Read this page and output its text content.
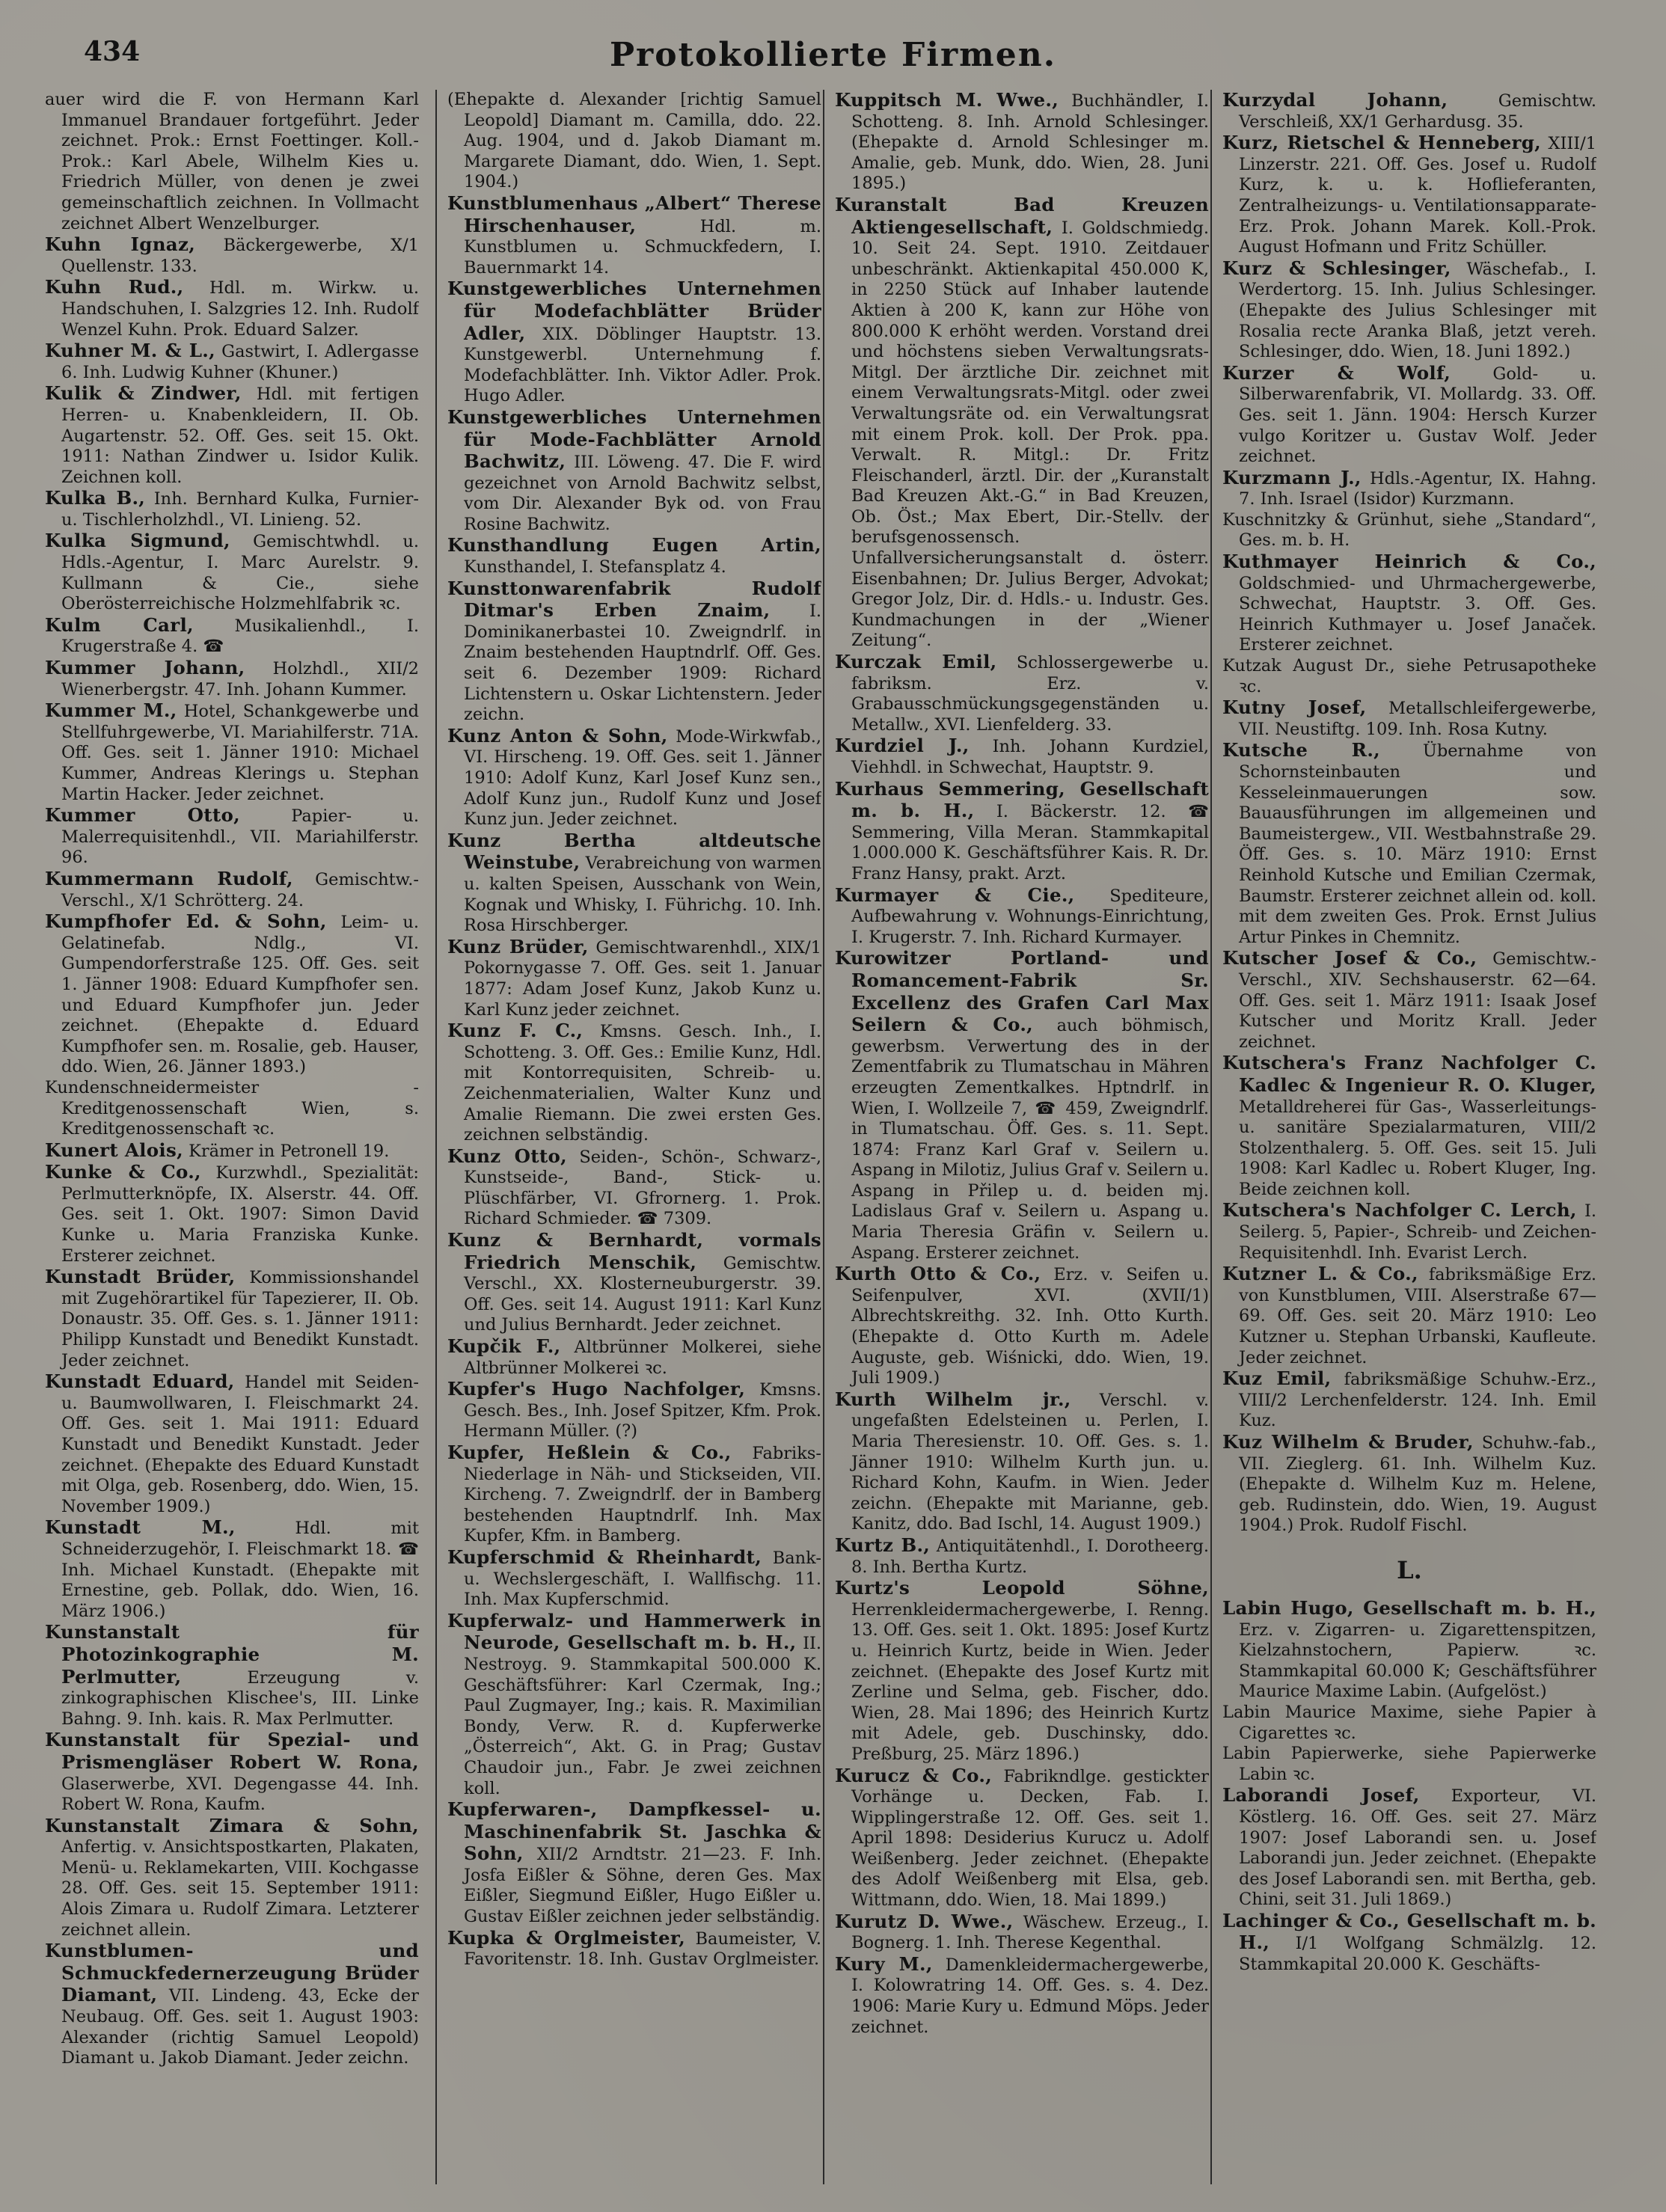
434	Protokollierte Firmen.

auer wird die F. von Hermann Karl Immanuel Brandauer fortgeführt. Jeder zeichnet. Prok.: Ernst Foettinger. Koll.-Prok.: Karl Abele, Wilhelm Kies u. Friedrich Müller, von denen je zwei gemeinschaftlich zeichnen. In Vollmacht zeichnet Albert Wenzelburger.

Kuhn Ignaz, Bäckergewerbe, X/1 Quellenstr. 133.

Kuhn Rud., Hdl. m. Wirkw. u. Handschuhen, I. Salzgries 12. Inh. Rudolf Wenzel Kuhn. Prok. Eduard Salzer.

Kuhner M. & L., Gastwirt, I. Adlergasse 6. Inh. Ludwig Kuhner (Khuner.)

Kulik & Zindwer, Hdl. mit fertigen Herren- u. Knabenkleidern, II. Ob. Augartenstr. 52. Off. Ges. seit 15. Okt. 1911: Nathan Zindwer u. Isidor Kulik. Zeichnen koll.

Kulka B., Inh. Bernhard Kulka, Furnier- u. Tischlerholzhdl., VI. Linieng. 52.

Kulka Sigmund, Gemischtwhdl. u. Hdls.-Agentur, I. Marc Aurelstr. 9. Kullmann & Cie., siehe Oberösterreichische Holzmehlfabrik ꝛc.

Kulm Carl, Musikalienhdl., I. Krugerstraße 4. ☎

Kummer Johann, Holzhdl., XII/2 Wienerbergstr. 47. Inh. Johann Kummer.

Kummer M., Hotel, Schankgewerbe und Stellfuhrgewerbe, VI. Mariahilferstr. 71A. Off. Ges. seit 1. Jänner 1910: Michael Kummer, Andreas Klerings u. Stephan Martin Hacker. Jeder zeichnet.

Kummer Otto,	Papier- u. Malerrequisitenhdl., VII. Mariahilferstr. 96.

Kummermann Rudolf, Gemischtw.-Verschl., X/1 Schrötterg. 24.

Kumpfhofer Ed. & Sohn, Leim- u. Gelatinefab. Ndlg., VI. Gumpendorferstraße 125. Off. Ges. seit 1. Jänner 1908: Eduard Kumpfhofer sen. und Eduard Kumpfhofer jun. Jeder zeichnet. (Ehepakte d. Eduard Kumpfhofer sen. m. Rosalie, geb. Hauser, ddo. Wien, 26. Jänner 1893.)

Kundenschneidermeister - Kreditgenossenschaft Wien, s. Kreditgenossenschaft ꝛc.

Kunert Alois, Krämer in Petronell 19.

Kunke & Co., Kurzwhdl., Spezialität: Perlmutterknöpfe, IX. Alserstr. 44. Off. Ges. seit 1. Okt. 1907: Simon David Kunke u. Maria Franziska Kunke. Ersterer zeichnet.

Kunstadt Brüder, Kommissionshandel mit Zugehörartikel für Tapezierer, II. Ob. Donaustr. 35. Off. Ges. s. 1. Jänner 1911: Philipp Kunstadt und Benedikt Kunstadt. Jeder zeichnet.

Kunstadt Eduard, Handel mit Seiden- u. Baumwollwaren, I. Fleischmarkt 24. Off. Ges. seit 1. Mai 1911: Eduard Kunstadt und Benedikt Kunstadt. Jeder zeichnet. (Ehepakte des Eduard Kunstadt mit Olga, geb. Rosenberg, ddo. Wien, 15. November 1909.)

Kunstadt M.,	Hdl. mit Schneiderzugehör, I. Fleischmarkt 18. ☎ Inh. Michael Kunstadt. (Ehepakte mit Ernestine, geb. Pollak, ddo. Wien, 16. März 1906.)

Kunstanstalt für Photozinkographie M. Perlmutter,	Erzeugung v. zinkographischen Klischee's, III. Linke Bahng. 9. Inh. kais. R. Max Perlmutter.

Kunstanstalt für Spezial- und Prismengläser Robert W. Rona, Glaserwerbe, XVI. Degengasse 44. Inh. Robert W. Rona, Kaufm.

Kunstanstalt Zimara & Sohn, Anfertig. v. Ansichtspostkarten, Plakaten, Menü- u. Reklamekarten, VIII. Kochgasse 28. Off. Ges. seit 15. September 1911: Alois Zimara u. Rudolf Zimara. Letzterer zeichnet allein.

Kunstblumen- und Schmuckfedernerzeugung Brüder Diamant, VII. Lindeng. 43, Ecke der Neubaug. Off. Ges. seit 1. August 1903: Alexander (richtig Samuel Leopold) Diamant u. Jakob Diamant. Jeder zeichn.

(Ehepakte d. Alexander [richtig Samuel Leopold] Diamant m. Camilla, ddo. 22. Aug. 1904, und d. Jakob Diamant m. Margarete Diamant, ddo. Wien, 1. Sept. 1904.)

Kunstblumenhaus „Albert“ Therese Hirschenhauser,	Hdl. m. Kunstblumen u. Schmuckfedern, I. Bauernmarkt 14.

Kunstgewerbliches Unternehmen für Modefachblätter Brüder Adler, XIX. Döblinger Hauptstr. 13. Kunstgewerbl. Unternehmung f. Modefachblätter. Inh. Viktor Adler. Prok. Hugo Adler.

Kunstgewerbliches Unternehmen für Mode-Fachblätter Arnold Bachwitz, III. Löweng. 47. Die F. wird gezeichnet von Arnold Bachwitz selbst, vom Dir. Alexander Byk od. von Frau Rosine Bachwitz.

Kunsthandlung Eugen Artin, Kunsthandel, I. Stefansplatz 4.

Kunsttonwarenfabrik Rudolf Ditmar's Erben Znaim, I. Dominikanerbastei 10. Zweigndrlf. in Znaim bestehenden Hauptndrlf. Off. Ges. seit 6. Dezember 1909: Richard Lichtenstern u. Oskar Lichtenstern. Jeder zeichn.

Kunz Anton & Sohn, Mode-Wirkwfab., VI. Hirscheng. 19. Off. Ges. seit 1. Jänner 1910: Adolf Kunz, Karl Josef Kunz sen., Adolf Kunz jun., Rudolf Kunz und Josef Kunz jun. Jeder zeichnet.

Kunz Bertha altdeutsche Weinstube, Verabreichung von warmen u. kalten Speisen, Ausschank von Wein, Kognak und Whisky, I. Führichg. 10. Inh. Rosa Hirschberger.

Kunz Brüder, Gemischtwarenhdl., XIX/1 Pokornygasse 7. Off. Ges. seit 1. Januar 1877: Adam Josef Kunz, Jakob Kunz u. Karl Kunz jeder zeichnet.

Kunz F. C., Kmsns. Gesch. Inh., I. Schotteng. 3. Off. Ges.: Emilie Kunz, Hdl. mit Kontorrequisiten, Schreib- u. Zeichenmaterialien, Walter Kunz und Amalie Riemann. Die zwei ersten Ges. zeichnen selbständig.

Kunz Otto, Seiden-, Schön-, Schwarz-, Kunstseide-, Band-, Stick- u. Plüschfärber, VI. Gfrornerg. 1. Prok. Richard Schmieder. ☎ 7309.

Kunz & Bernhardt, vormals Friedrich Menschik, Gemischtw. Verschl., XX. Klosterneuburgerstr. 39. Off. Ges. seit 14. August 1911: Karl Kunz und Julius Bernhardt. Jeder zeichnet.

Kupčik F., Altbrünner Molkerei, siehe Altbrünner Molkerei ꝛc.

Kupfer's Hugo Nachfolger, Kmsns. Gesch. Bes., Inh. Josef Spitzer, Kfm. Prok. Hermann Müller. (?)

Kupfer, Heßlein & Co., Fabriks-Niederlage in Näh- und Stickseiden, VII. Kircheng. 7. Zweigndrlf. der in Bamberg bestehenden Hauptndrlf. Inh. Max Kupfer, Kfm. in Bamberg.

Kupferschmid & Rheinhardt, Bank- u. Wechslergeschäft, I. Wallfischg. 11. Inh. Max Kupferschmid.

Kupferwalz- und Hammerwerk in Neurode, Gesellschaft m. b. H., II. Nestroyg. 9. Stammkapital 500.000 K. Geschäftsführer: Karl Czermak, Ing.; Paul Zugmayer, Ing.; kais. R. Maximilian Bondy, Verw. R. d. Kupferwerke „Österreich“, Akt. G. in Prag; Gustav Chaudoir jun., Fabr. Je zwei zeichnen koll.

Kupferwaren-, Dampfkessel- u. Maschinenfabrik St. Jaschka & Sohn, XII/2 Arndtstr. 21—23. F. Inh. Josfa Eißler & Söhne, deren Ges. Max Eißler, Siegmund Eißler, Hugo Eißler u. Gustav Eißler zeichnen jeder selbständig.

Kupka & Orglmeister, Baumeister, V. Favoritenstr. 18. Inh. Gustav Orglmeister.

Kuppitsch M. Wwe., Buchhändler, I. Schotteng. 8. Inh. Arnold Schlesinger. (Ehepakte d. Arnold Schlesinger m. Amalie, geb. Munk, ddo. Wien, 28. Juni 1895.)

Kuranstalt Bad Kreuzen Aktiengesellschaft, I. Goldschmiedg. 10. Seit 24. Sept. 1910. Zeitdauer unbeschränkt. Aktienkapital 450.000 K, in 2250 Stück auf Inhaber lautende Aktien à 200 K, kann zur Höhe von 800.000 K erhöht werden. Vorstand drei und höchstens sieben Verwaltungsrats-Mitgl. Der ärztliche Dir. zeichnet mit einem Verwaltungsrats-Mitgl. oder zwei Verwaltungsräte od. ein Verwaltungsrat mit einem Prok. koll. Der Prok. ppa. Verwalt. R. Mitgl.: Dr. Fritz Fleischanderl, ärztl. Dir. der „Kuranstalt Bad Kreuzen Akt.-G.“ in Bad Kreuzen, Ob. Öst.; Max Ebert, Dir.-Stellv. der berufsgenossensch. Unfallversicherungsanstalt d. österr. Eisenbahnen; Dr. Julius Berger, Advokat; Gregor Jolz, Dir. d. Hdls.- u. Industr. Ges. Kundmachungen in der „Wiener Zeitung“.

Kurczak Emil, Schlossergewerbe u. fabriksm. Erz. v. Grabausschmückungsgegenständen u. Metallw., XVI. Lienfelderg. 33.

Kurdziel J., Inh. Johann Kurdziel, Viehhdl. in Schwechat, Hauptstr. 9.

Kurhaus Semmering, Gesellschaft m. b. H., I. Bäckerstr. 12. ☎ Semmering, Villa Meran. Stammkapital 1.000.000 K. Geschäftsführer Kais. R. Dr. Franz Hansy, prakt. Arzt.

Kurmayer & Cie., Spediteure, Aufbewahrung v. Wohnungs-Einrichtung, I. Krugerstr. 7. Inh. Richard Kurmayer.

Kurowitzer Portland- und Romancement-Fabrik Sr. Excellenz des Grafen Carl Max Seilern & Co., auch böhmisch, gewerbsm. Verwertung des in der Zementfabrik zu Tlumatschau in Mähren erzeugten Zementkalkes. Hptndrlf. in Wien, I. Wollzeile 7, ☎ 459, Zweigndrlf. in Tlumatschau. Öff. Ges. s. 11. Sept. 1874: Franz Karl Graf v. Seilern u. Aspang in Milotiz, Julius Graf v. Seilern u. Aspang in Přilep u. d. beiden mj. Ladislaus Graf v. Seilern u. Aspang u. Maria Theresia Gräfin v. Seilern u. Aspang. Ersterer zeichnet.

Kurth Otto & Co., Erz. v. Seifen u. Seifenpulver, XVI. (XVII/1) Albrechtskreithg. 32. Inh. Otto Kurth. (Ehepakte d. Otto Kurth m. Adele Auguste, geb. Wiśnicki, ddo. Wien, 19. Juli 1909.)

Kurth Wilhelm jr., Verschl. v. ungefaßten Edelsteinen u. Perlen, I. Maria Theresienstr. 10. Off. Ges. s. 1. Jänner 1910: Wilhelm Kurth jun. u. Richard Kohn, Kaufm. in Wien. Jeder zeichn. (Ehepakte mit Marianne, geb. Kanitz, ddo. Bad Ischl, 14. August 1909.)

Kurtz B., Antiquitätenhdl., I. Dorotheerg. 8. Inh. Bertha Kurtz.

Kurtz's Leopold Söhne, Herrenkleidermachergewerbe, I. Renng. 13. Off. Ges. seit 1. Okt. 1895: Josef Kurtz u. Heinrich Kurtz, beide in Wien. Jeder zeichnet. (Ehepakte des Josef Kurtz mit Zerline und Selma, geb. Fischer, ddo. Wien, 28. Mai 1896; des Heinrich Kurtz mit Adele, geb. Duschinsky, ddo. Preßburg, 25. März 1896.)

Kurucz & Co., Fabrikndlge. gestickter Vorhänge u. Decken, Fab. I. Wipplingerstraße 12. Off. Ges. seit 1. April 1898: Desiderius Kurucz u. Adolf Weißenberg. Jeder zeichnet. (Ehepakte des Adolf Weißenberg mit Elsa, geb. Wittmann, ddo. Wien, 18. Mai 1899.)

Kurutz D. Wwe., Wäschew. Erzeug., I. Bognerg. 1. Inh. Therese Kegenthal.

Kury M., Damenkleidermachergewerbe, I. Kolowratring 14. Off. Ges. s. 4. Dez. 1906: Marie Kury u. Edmund Möps. Jeder zeichnet.

Kurzydal Johann,	Gemischtw. Verschleiß, XX/1 Gerhardusg. 35.

Kurz, Rietschel & Henneberg, XIII/1 Linzerstr. 221. Off. Ges. Josef u. Rudolf Kurz, k. u. k. Hoflieferanten, Zentralheizungs- u. Ventilationsapparate-Erz. Prok. Johann Marek. Koll.-Prok. August Hofmann und Fritz Schüller.

Kurz & Schlesinger, Wäschefab., I. Werdertorg. 15. Inh. Julius Schlesinger. (Ehepakte des Julius Schlesinger mit Rosalia recte Aranka Blaß, jetzt vereh. Schlesinger, ddo. Wien, 18. Juni 1892.)

Kurzer & Wolf,	Gold- u. Silberwarenfabrik, VI. Mollardg. 33. Off. Ges. seit 1. Jänn. 1904: Hersch Kurzer vulgo Koritzer u. Gustav Wolf. Jeder zeichnet.

Kurzmann J., Hdls.-Agentur, IX. Hahng. 7. Inh. Israel (Isidor) Kurzmann.

Kuschnitzky & Grünhut, siehe „Standard“, Ges. m. b. H.

Kuthmayer Heinrich & Co., Goldschmied- und Uhrmachergewerbe, Schwechat, Hauptstr. 3. Off. Ges. Heinrich Kuthmayer u. Josef Janaček. Ersterer zeichnet.

Kutzak August Dr., siehe Petrusapotheke ꝛc.

Kutny Josef, Metallschleifergewerbe, VII. Neustiftg. 109. Inh. Rosa Kutny.

Kutsche R.,	Übernahme von Schornsteinbauten und Kesseleinmauerungen sow. Bauausführungen im allgemeinen und Baumeistergew., VII. Westbahnstraße 29. Öff. Ges. s. 10. März 1910: Ernst Reinhold Kutsche und Emilian Czermak, Baumstr. Ersterer zeichnet allein od. koll. mit dem zweiten Ges. Prok. Ernst Julius Artur Pinkes in Chemnitz.

Kutscher Josef & Co., Gemischtw.-Verschl., XIV. Sechshauserstr. 62—64. Off. Ges. seit 1. März 1911: Isaak Josef Kutscher und Moritz Krall. Jeder zeichnet.

Kutschera's Franz Nachfolger C. Kadlec & Ingenieur R. O. Kluger, Metalldreherei für Gas-, Wasserleitungs- u. sanitäre Spezialarmaturen, VIII/2 Stolzenthalerg. 5. Off. Ges. seit 15. Juli 1908: Karl Kadlec u. Robert Kluger, Ing. Beide zeichnen koll.

Kutschera's Nachfolger C. Lerch, I. Seilerg. 5, Papier-, Schreib- und Zeichen-Requisitenhdl. Inh. Evarist Lerch.

Kutzner L. & Co., fabriksmäßige Erz. von Kunstblumen, VIII. Alserstraße 67—69. Off. Ges. seit 20. März 1910: Leo Kutzner u. Stephan Urbanski, Kaufleute. Jeder zeichnet.

Kuz Emil, fabriksmäßige Schuhw.-Erz., VIII/2 Lerchenfelderstr. 124. Inh. Emil Kuz.

Kuz Wilhelm & Bruder, Schuhw.-fab., VII. Zieglerg. 61. Inh. Wilhelm Kuz. (Ehepakte d. Wilhelm Kuz m. Helene, geb. Rudinstein, ddo. Wien, 19. August 1904.) Prok. Rudolf Fischl.

L.

Labin Hugo, Gesellschaft m. b. H., Erz. v. Zigarren- u. Zigarettenspitzen, Kielzahnstochern, Papierw. ꝛc. Stammkapital 60.000 K; Geschäftsführer Maurice Maxime Labin. (Aufgelöst.)

Labin Maurice Maxime, siehe Papier à Cigarettes ꝛc.

Labin Papierwerke, siehe Papierwerke Labin ꝛc.

Laborandi Josef, Exporteur, VI. Köstlerg. 16. Off. Ges. seit 27. März 1907: Josef Laborandi sen. u. Josef Laborandi jun. Jeder zeichnet. (Ehepakte des Josef Laborandi sen. mit Bertha, geb. Chini, seit 31. Juli 1869.)

Lachinger & Co., Gesellschaft m. b. H., I/1 Wolfgang Schmälzlg. 12. Stammkapital 20.000 K. Geschäfts-
